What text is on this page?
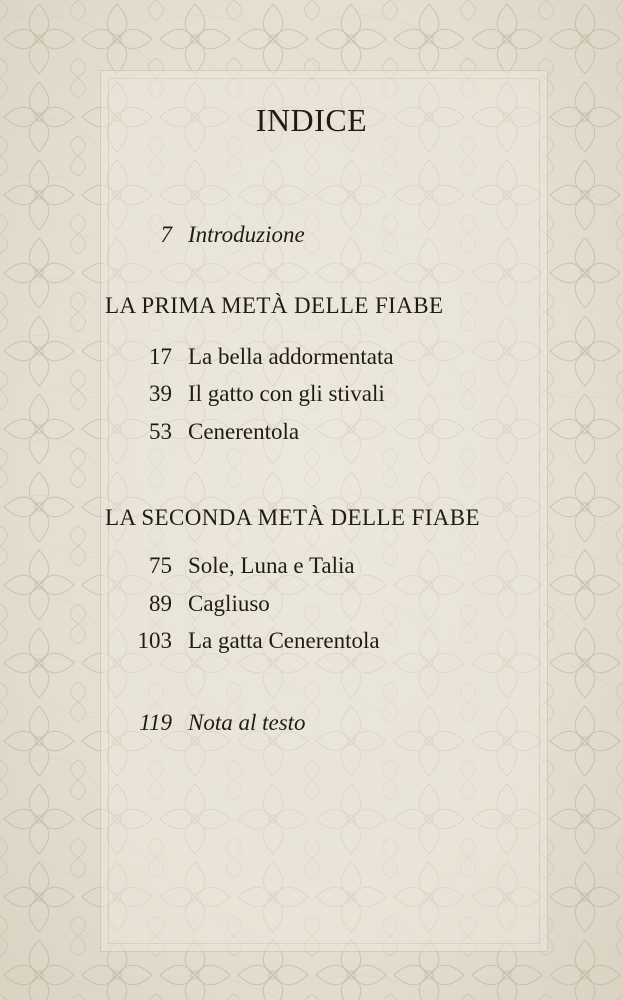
INDICE
7 Introduzione
LA PRIMA METÀ DELLE FIABE
17 La bella addormentata
39 Il gatto con gli stivali
53 Cenerentola
LA SECONDA METÀ DELLE FIABE
75 Sole, Luna e Talia
89 Cagliuso
103 La gatta Cenerentola
119 Nota al testo
